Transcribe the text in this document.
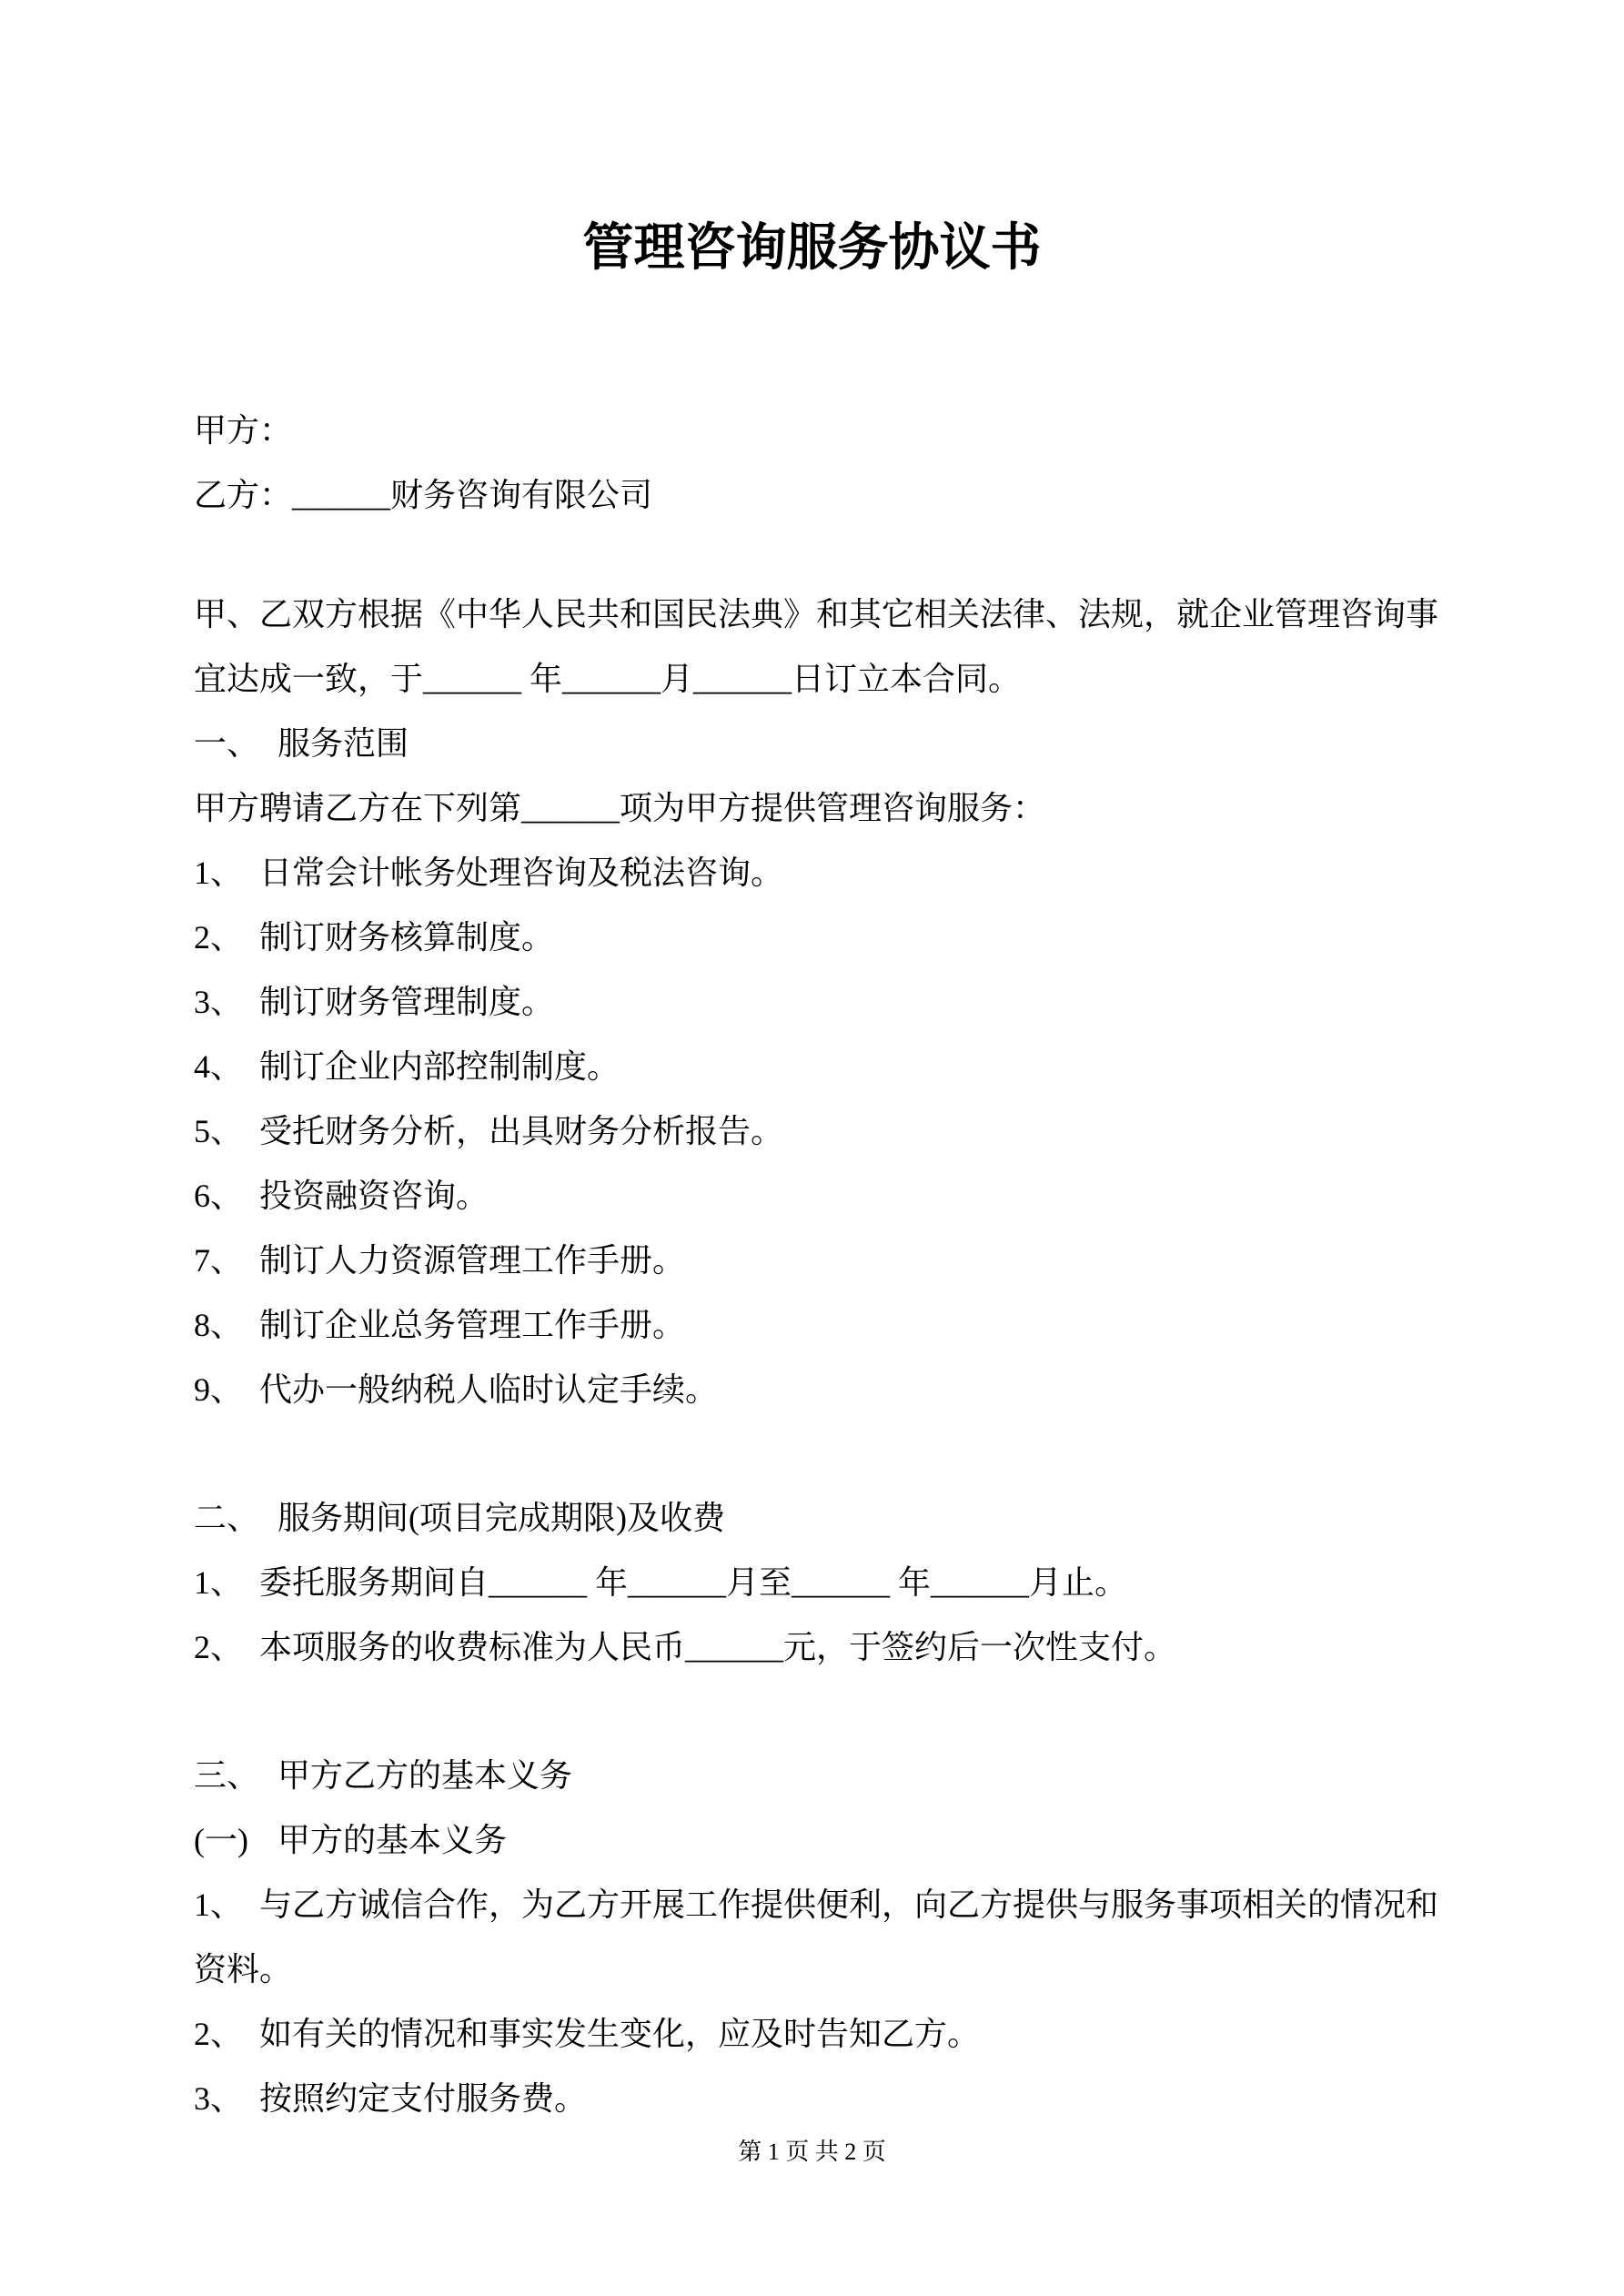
管理咨询服务协议书
甲方：
乙方：______财务咨询有限公司
甲、乙双方根据《中华人民共和国民法典》和其它相关法律、法规，就企业管理咨询事
宜达成一致，于______ 年______月______日订立本合同。
一、 服务范围
甲方聘请乙方在下列第______项为甲方提供管理咨询服务：
1、 日常会计帐务处理咨询及税法咨询。
2、 制订财务核算制度。
3、 制订财务管理制度。
4、 制订企业内部控制制度。
5、 受托财务分析，出具财务分析报告。
6、 投资融资咨询。
7、 制订人力资源管理工作手册。
8、 制订企业总务管理工作手册。
9、 代办一般纳税人临时认定手续。
二、 服务期间(项目完成期限)及收费
1、 委托服务期间自______ 年______月至______ 年______月止。
2、 本项服务的收费标准为人民币______元，于签约后一次性支付。
三、 甲方乙方的基本义务
(一) 甲方的基本义务
1、 与乙方诚信合作，为乙方开展工作提供便利，向乙方提供与服务事项相关的情况和
资料。
2、 如有关的情况和事实发生变化，应及时告知乙方。
3、 按照约定支付服务费。
第 1 页 共 2 页
